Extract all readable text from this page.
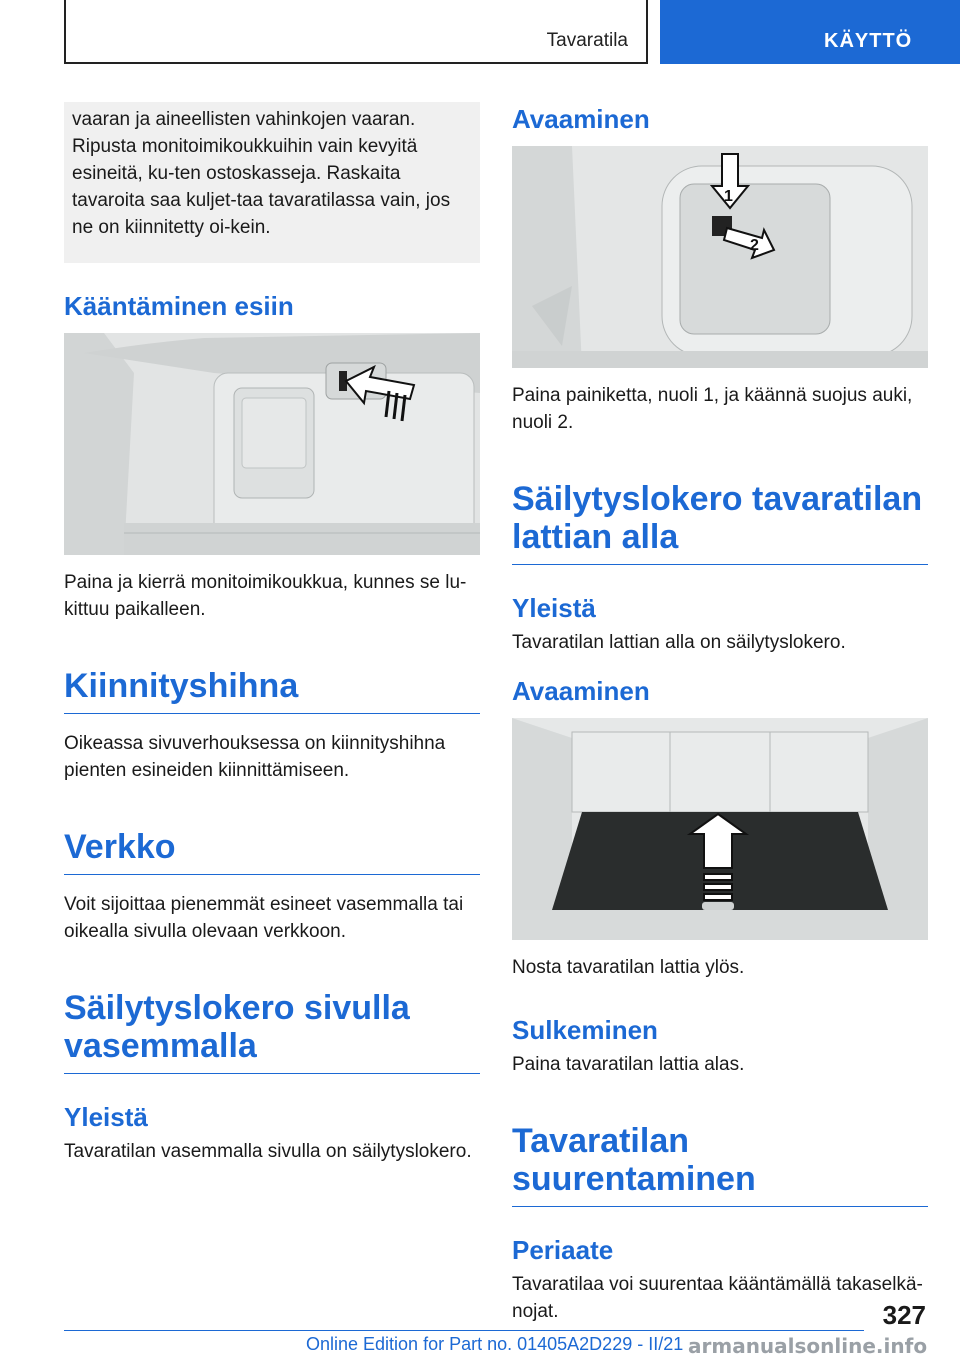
Tavaratila	KÄYTTÖ
vaaran ja aineellisten vahinkojen vaaran. Ripusta monitoimikoukkuihin vain kevyitä esineitä, ku-ten ostoskasseja. Raskaita tavaroita saa kuljet-taa tavaratilassa vain, jos ne on kiinnitetty oi-kein.
Kääntäminen esiin

Paina ja kierrä monitoimikoukkua, kunnes se lu-kittuu paikalleen.

Kiinnityshihna

Oikeassa sivuverhouksessa on kiinnityshihna pienten esineiden kiinnittämiseen.

Verkko

Voit sijoittaa pienemmät esineet vasemmalla tai oikealla sivulla olevaan verkkoon.

Säilytyslokero sivulla vasemmalla
Yleistä

Tavaratilan vasemmalla sivulla on säilytyslokero.

Avaaminen
1
2

Paina painiketta, nuoli 1, ja käännä suojus auki, nuoli 2.

Säilytyslokero tavaratilan lattian alla
Yleistä

Tavaratilan lattian alla on säilytyslokero.

Avaaminen

Nosta tavaratilan lattia ylös.

Sulkeminen

Paina tavaratilan lattia alas.

Tavaratilan suurentaminen
Periaate

Tavaratilaa voi suurentaa kääntämällä takaselkä-nojat.	327
Online Edition for Part no. 01405A2D229 - II/21 armanualsonline.info
